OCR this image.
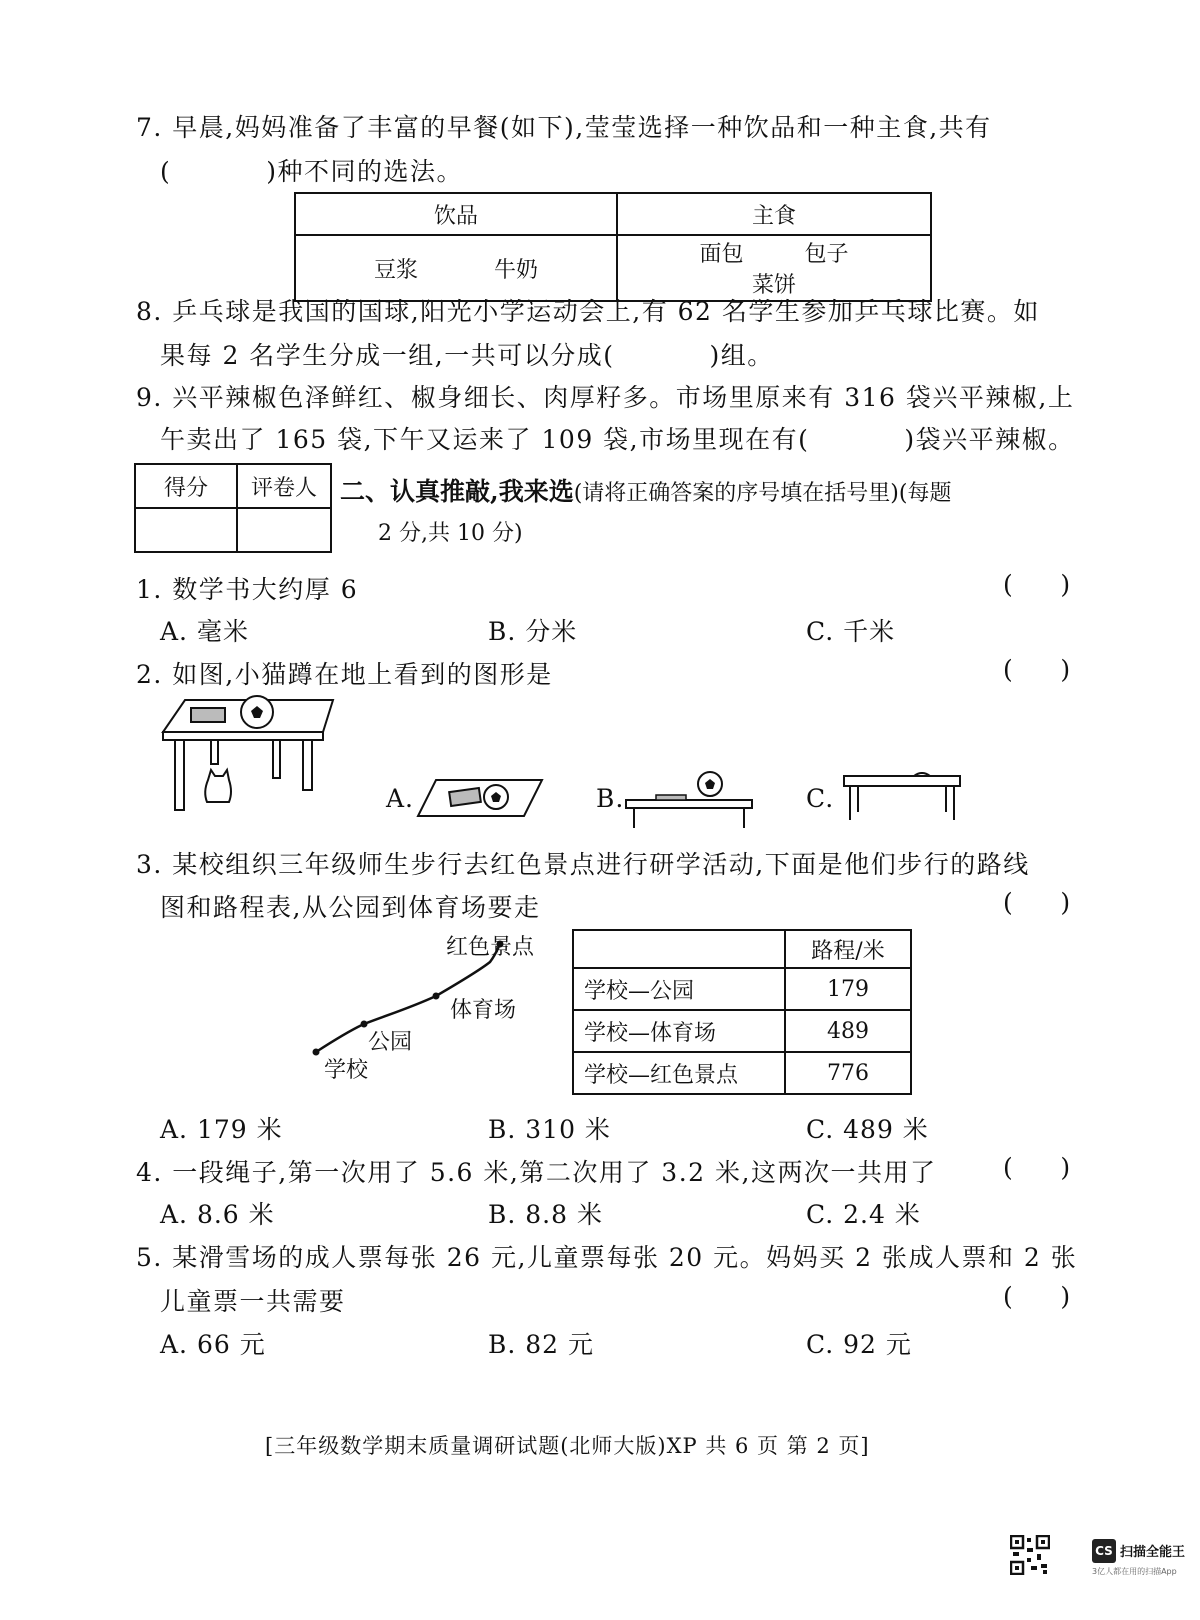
7. 早晨,妈妈准备了丰富的早餐(如下),莹莹选择一种饮品和一种主食,共有
(	)种不同的选法。
饮品	主食
豆浆 牛奶	面包 包子菜饼
8. 乒乓球是我国的国球,阳光小学运动会上,有 62 名学生参加乒乓球比赛。如
果每 2 名学生分成一组,一共可以分成(	)组。
9. 兴平辣椒色泽鲜红、椒身细长、肉厚籽多。市场里原来有 316 袋兴平辣椒,上
午卖出了 165 袋,下午又运来了 109 袋,市场里现在有(	)袋兴平辣椒。
得分	评卷人
	二、认真推敲,我来选(请将正确答案的序号填在括号里)(每题
2 分,共 10 分)
1. 数学书大约厚 6	(      )
A. 毫米	B. 分米	C. 千米
2. 如图,小猫蹲在地上看到的图形是	(      )
A.	B.	C.
3. 某校组织三年级师生步行去红色景点进行研学活动,下面是他们步行的路线
图和路程表,从公园到体育场要走	(      )
红色景点
体育场
公园
学校
	路程/米
学校—公园	179
学校—体育场	489
学校—红色景点	776
A. 179 米	B. 310 米	C. 489 米
4. 一段绳子,第一次用了 5.6 米,第二次用了 3.2 米,这两次一共用了	(      )
A. 8.6 米	B. 8.8 米	C. 2.4 米
5. 某滑雪场的成人票每张 26 元,儿童票每张 20 元。妈妈买 2 张成人票和 2 张
儿童票一共需要	(      )
A. 66 元	B. 82 元	C. 92 元
[三年级数学期末质量调研试题(北师大版)XP 共 6 页 第 2 页]
CS 扫描全能王
3亿人都在用的扫描App
